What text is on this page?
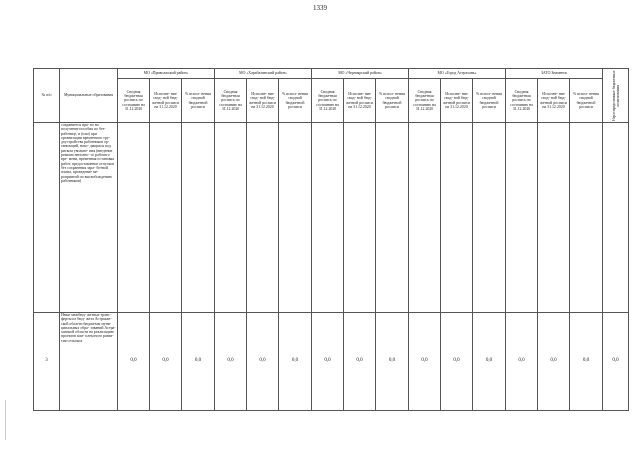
1339
№ п/п	Муниципальные образования	МО «Приволжский район»			МО «Харабалинский район»			МО «Черноярский район»			МО «Город Астрахань»			ЗАТО Знаменск			Нераспределенные бюджетные ассигнования

		Сводная бюджетная роспись по состоянию на 31.12.2020	Исполне- ние свод- ной бюд- жетной росписи на 31.12.2020	% испол- нения сводной бюджетной росписи	Сводная бюджетная роспись по состоянию на 31.12.2020	Исполне- ние свод- ной бюд- жетной росписи на 31.12.2020	% испол- нения сводной бюджетной росписи	Сводная бюджетная роспись по состоянию на 31.12.2020	Исполне- ние свод- ной бюд- жетной росписи на 31.12.2020	% испол- нения сводной бюджетной росписи	Сводная бюджетная роспись по состоянию на 31.12.2020	Исполне- ние свод- ной бюд- жетной росписи на 31.12.2020	% испол- нения сводной бюджетной росписи	Сводная бюджетная роспись по состоянию на 31.12.2020	Исполне- ние свод- ной бюд- жетной росписи на 31.12.2020	% испол- нения сводной бюджетной росписи	
	сохраняется пра- во на получение пособия по без- работице, и (или) при организации временного тру- доустройства работников ор- ганизаций, нахо- дящихся под риском увольне- ния (введение режима неполно- го рабочего вре- мени, временная остановка работ, предоставление отпусков без сохранения зара- ботной платы, проведение ме- роприятий по высвобождению работников)																
3	Иные межбюд- жетные транс- ферты из бюд- жета Астрахан- ской области бюджетам муни- ципальных обра- зований Астра- ханской области на реализацию проектов ком- плексного разви- тия сельских	0,0	0,0	0,0	0,0	0,0	0,0	0,0	0,0	0,0	0,0	0,0	0,0	0,0	0,0	0,0	0,0
